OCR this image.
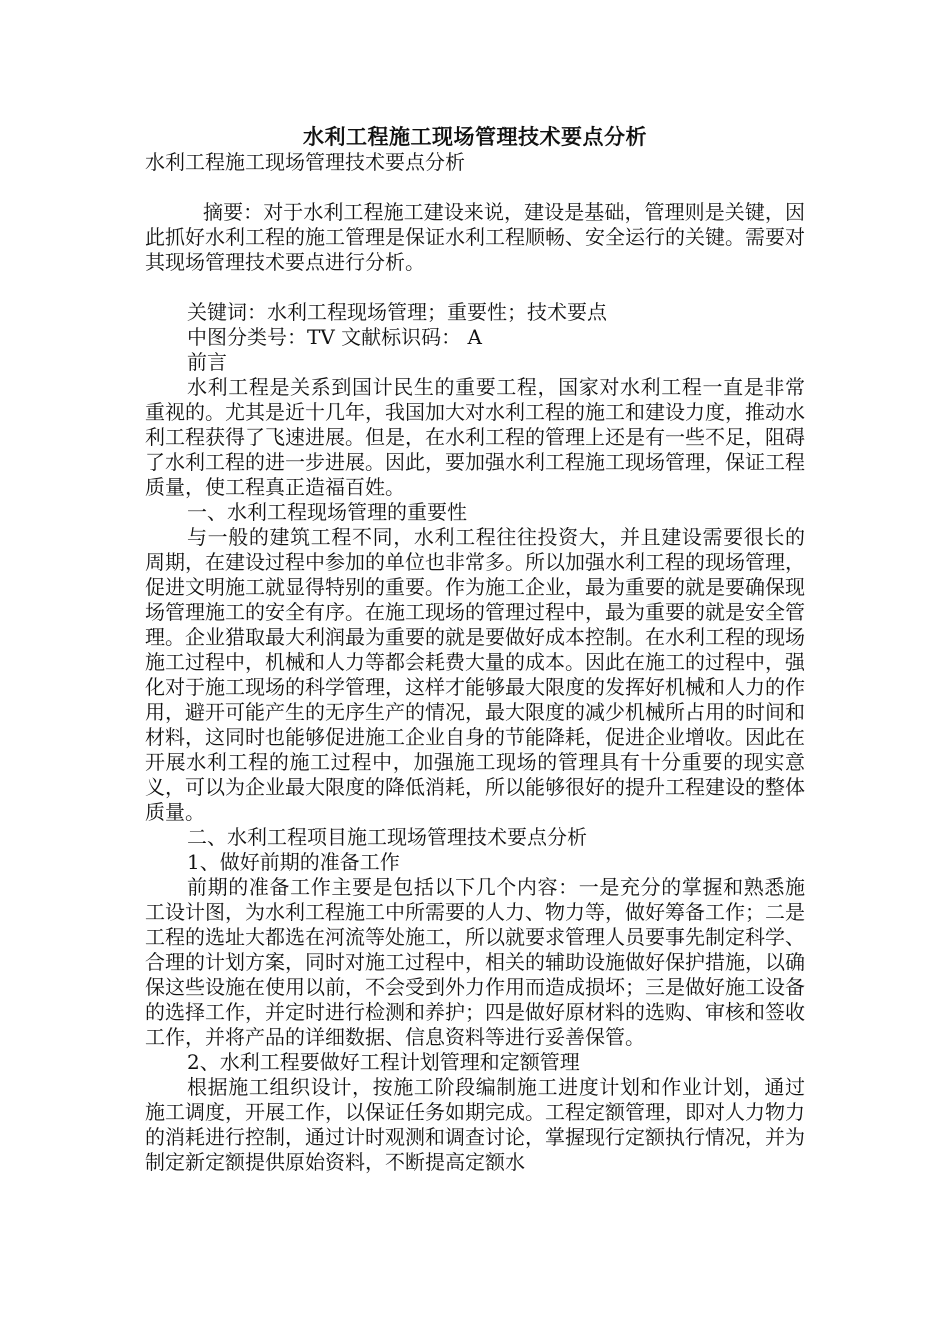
水利工程施工现场管理技术要点分析

水利工程施工现场管理技术要点分析

摘要：对于水利工程施工建设来说，建设是基础，管理则是关键，因此抓好水利工程的施工管理是保证水利工程顺畅、安全运行的关键。需要对其现场管理技术要点进行分析。

关键词：水利工程现场管理；重要性；技术要点

中图分类号：TV 文献标识码： A

前言

水利工程是关系到国计民生的重要工程，国家对水利工程一直是非常重视的。尤其是近十几年，我国加大对水利工程的施工和建设力度，推动水利工程获得了飞速进展。但是，在水利工程的管理上还是有一些不足，阻碍了水利工程的进一步进展。因此，要加强水利工程施工现场管理，保证工程质量，使工程真正造福百姓。

一、水利工程现场管理的重要性

与一般的建筑工程不同，水利工程往往投资大，并且建设需要很长的周期，在建设过程中参加的单位也非常多。所以加强水利工程的现场管理，促进文明施工就显得特别的重要。作为施工企业，最为重要的就是要确保现场管理施工的安全有序。在施工现场的管理过程中，最为重要的就是安全管理。企业猎取最大利润最为重要的就是要做好成本控制。在水利工程的现场施工过程中，机械和人力等都会耗费大量的成本。因此在施工的过程中，强化对于施工现场的科学管理，这样才能够最大限度的发挥好机械和人力的作用，避开可能产生的无序生产的情况，最大限度的减少机械所占用的时间和材料，这同时也能够促进施工企业自身的节能降耗，促进企业增收。因此在开展水利工程的施工过程中，加强施工现场的管理具有十分重要的现实意义，可以为企业最大限度的降低消耗，所以能够很好的提升工程建设的整体质量。

二、水利工程项目施工现场管理技术要点分析

1、做好前期的准备工作

前期的准备工作主要是包括以下几个内容：一是充分的掌握和熟悉施工设计图，为水利工程施工中所需要的人力、物力等，做好筹备工作；二是工程的选址大都选在河流等处施工，所以就要求管理人员要事先制定科学、合理的计划方案，同时对施工过程中，相关的辅助设施做好保护措施，以确保这些设施在使用以前，不会受到外力作用而造成损坏；三是做好施工设备的选择工作，并定时进行检测和养护；四是做好原材料的选购、审核和签收工作，并将产品的详细数据、信息资料等进行妥善保管。

2、水利工程要做好工程计划管理和定额管理

根据施工组织设计，按施工阶段编制施工进度计划和作业计划，通过施工调度，开展工作，以保证任务如期完成。工程定额管理，即对人力物力的消耗进行控制，通过计时观测和调查讨论，掌握现行定额执行情况，并为制定新定额提供原始资料，不断提高定额水
